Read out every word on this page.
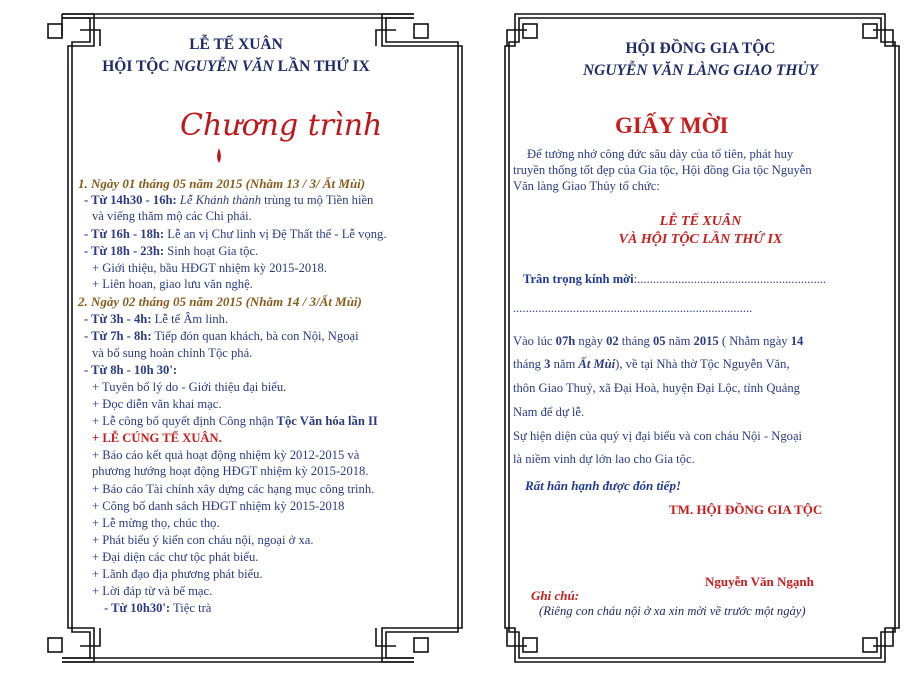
LỄ TẾ XUÂN
HỘI TỘC NGUYỄN VĂN LẦN THỨ IX
Chương trình
1. Ngày 01 tháng 05 năm 2015 (Nhằm 13 / 3/ Ất Mùi)
- Từ 14h30 - 16h: Lễ Khánh thành trùng tu mộ Tiền hiền
và viếng thăm mộ các Chi phái.
- Từ 16h - 18h: Lễ an vị Chư linh vị Đệ Thất thế - Lễ vọng.
- Từ 18h - 23h: Sinh hoạt Gia tộc.
+ Giới thiệu, bầu HĐGT nhiệm kỳ 2015-2018.
+ Liên hoan, giao lưu văn nghệ.
2. Ngày 02 tháng 05 năm 2015 (Nhằm 14 / 3/Ất Mùi)
- Từ 3h - 4h: Lễ tế Âm linh.
- Từ 7h - 8h: Tiếp đón quan khách, bà con Nội, Ngoại
và bổ sung hoàn chỉnh Tộc phả.
- Từ 8h - 10h 30':
+ Tuyên bố lý do - Giới thiệu đại biểu.
+ Đọc diễn văn khai mạc.
+ Lễ công bố quyết định Công nhận Tộc Văn hóa lần II
+ LỄ CÚNG TẾ XUÂN.
+ Báo cáo kết quả hoạt động nhiệm kỳ 2012-2015 và
phương hướng hoạt động HĐGT nhiệm kỳ 2015-2018.
+ Báo cáo Tài chính xây dựng các hạng mục công trình.
+ Công bố danh sách HĐGT nhiệm kỳ 2015-2018
+ Lễ mừng thọ, chúc thọ.
+ Phát biểu ý kiến con cháu nội, ngoại ở xa.
+ Đại diện các chư tộc phát biểu.
+ Lãnh đạo địa phương phát biểu.
+ Lời đáp từ và bế mạc.
- Từ 10h30': Tiệc trà
HỘI ĐỒNG GIA TỘC
NGUYỄN VĂN LÀNG GIAO THỦY
GIẤY MỜI
Để tưởng nhớ công đức sâu dày của tổ tiên, phát huy
truyền thống tốt đẹp của Gia tộc, Hội đồng Gia tộc Nguyễn
Văn làng Giao Thủy tổ chức:
LỄ TẾ XUÂN
VÀ HỘI TỘC LẦN THỨ IX
Trân trọng kính mời:............................................................
............................................................................
Vào lúc 07h ngày 02 tháng 05 năm 2015 ( Nhằm ngày 14
tháng 3 năm Ất Mùi), về tại Nhà thờ Tộc Nguyễn Văn,
thôn Giao Thuỷ, xã Đại Hoà, huyện Đại Lộc, tỉnh Quảng
Nam để dự lễ.
Sự hiện diện của quý vị đại biểu và con cháu Nội - Ngoại
là niềm vinh dự lớn lao cho Gia tộc.
Rất hân hạnh được đón tiếp!
TM. HỘI ĐỒNG GIA TỘC
Nguyễn Văn Ngạnh
Ghi chú:
(Riêng con cháu nội ở xa xin mời về trước một ngày)
